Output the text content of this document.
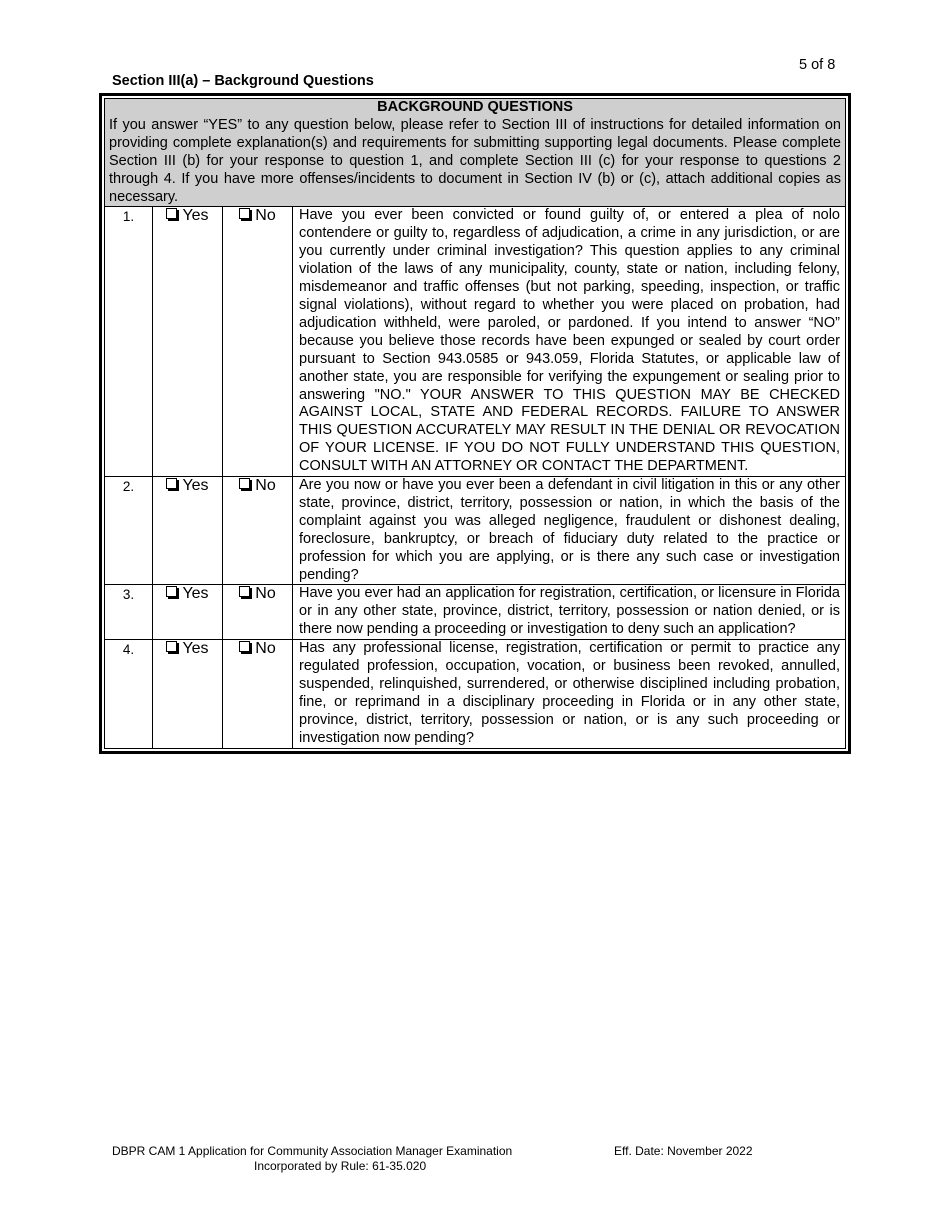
5 of 8
Section III(a) – Background Questions
BACKGROUND QUESTIONS
If you answer “YES” to any question below, please refer to Section III of instructions for detailed information on providing complete explanation(s) and requirements for submitting supporting legal documents. Please complete Section III (b) for your response to question 1, and complete Section III (c) for your response to questions 2 through 4. If you have more offenses/incidents to document in Section IV (b) or (c), attach additional copies as necessary.			
1.	Yes	No	Have you ever been convicted or found guilty of, or entered a plea of nolo contendere or guilty to, regardless of adjudication, a crime in any jurisdiction, or are you currently under criminal investigation? This question applies to any criminal violation of the laws of any municipality, county, state or nation, including felony, misdemeanor and traffic offenses (but not parking, speeding, inspection, or traffic signal violations), without regard to whether you were placed on probation, had adjudication withheld, were paroled, or pardoned. If you intend to answer “NO” because you believe those records have been expunged or sealed by court order pursuant to Section 943.0585 or 943.059, Florida Statutes, or applicable law of another state, you are responsible for verifying the expungement or sealing prior to answering "NO." YOUR ANSWER TO THIS QUESTION MAY BE CHECKED AGAINST LOCAL, STATE AND FEDERAL RECORDS. FAILURE TO ANSWER THIS QUESTION ACCURATELY MAY RESULT IN THE DENIAL OR REVOCATION OF YOUR LICENSE. IF YOU DO NOT FULLY UNDERSTAND THIS QUESTION, CONSULT WITH AN ATTORNEY OR CONTACT THE DEPARTMENT.
2.	Yes	No	Are you now or have you ever been a defendant in civil litigation in this or any other state, province, district, territory, possession or nation, in which the basis of the complaint against you was alleged negligence, fraudulent or dishonest dealing, foreclosure, bankruptcy, or breach of fiduciary duty related to the practice or profession for which you are applying, or is there any such case or investigation pending?
3.	Yes	No	Have you ever had an application for registration, certification, or licensure in Florida or in any other state, province, district, territory, possession or nation denied, or is there now pending a proceeding or investigation to deny such an application?
4.	Yes	No	Has any professional license, registration, certification or permit to practice any regulated profession, occupation, vocation, or business been revoked, annulled, suspended, relinquished, surrendered, or otherwise disciplined including probation, fine, or reprimand in a disciplinary proceeding in Florida or in any other state, province, district, territory, possession or nation, or is any such proceeding or investigation now pending?
DBPR CAM 1 Application for Community Association Manager Examination
Incorporated by Rule: 61-35.020
Eff. Date: November 2022
